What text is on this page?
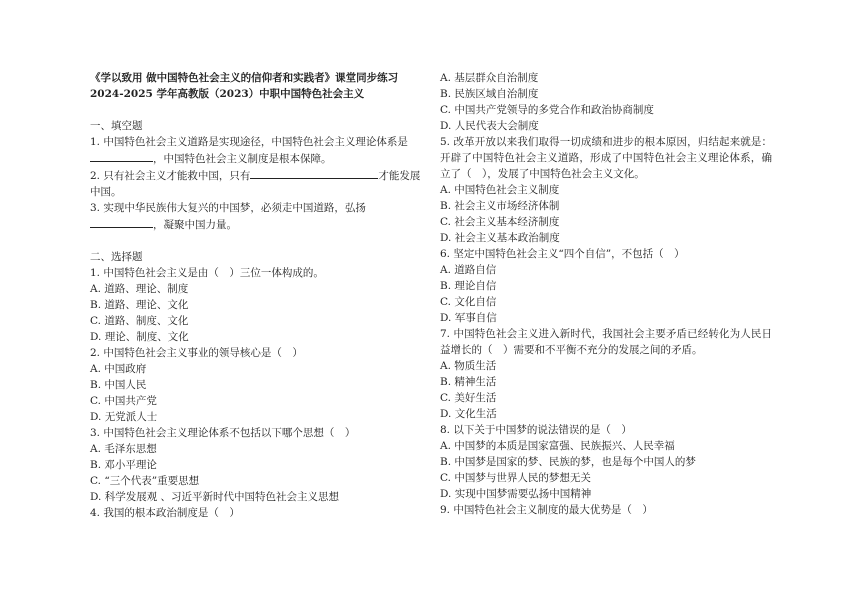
《学以致用 做中国特色社会主义的信仰者和实践者》课堂同步练习
2024-2025 学年高教版（2023）中职中国特色社会主义
一、填空题
1. 中国特色社会主义道路是实现途径，中国特色社会主义理论体系是
，中国特色社会主义制度是根本保障。
2. 只有社会主义才能救中国，只有	才能发展
中国。
3. 实现中华民族伟大复兴的中国梦，必须走中国道路，弘扬
，凝聚中国力量。
二、选择题
1. 中国特色社会主义是由（　）三位一体构成的。
A. 道路、理论、制度
B. 道路、理论、文化
C. 道路、制度、文化
D. 理论、制度、文化
2. 中国特色社会主义事业的领导核心是（　）
A. 中国政府
B. 中国人民
C. 中国共产党
D. 无党派人士
3. 中国特色社会主义理论体系不包括以下哪个思想（　）
A. 毛泽东思想
B. 邓小平理论
C. “三个代表”重要思想
D. 科学发展观 、习近平新时代中国特色社会主义思想
4. 我国的根本政治制度是（　）
A. 基层群众自治制度
B. 民族区域自治制度
C. 中国共产党领导的多党合作和政治协商制度
D. 人民代表大会制度
5. 改革开放以来我们取得一切成绩和进步的根本原因，归结起来就是：开辟了中国特色社会主义道路，形成了中国特色社会主义理论体系，确立了（　），发展了中国特色社会主义文化。
A. 中国特色社会主义制度
B. 社会主义市场经济体制
C. 社会主义基本经济制度
D. 社会主义基本政治制度
6. 坚定中国特色社会主义“四个自信”，不包括（　）
A. 道路自信
B. 理论自信
C. 文化自信
D. 军事自信
7. 中国特色社会主义进入新时代，我国社会主要矛盾已经转化为人民日益增长的（　）需要和不平衡不充分的发展之间的矛盾。
A. 物质生活
B. 精神生活
C. 美好生活
D. 文化生活
8. 以下关于中国梦的说法错误的是（　）
A. 中国梦的本质是国家富强、民族振兴、人民幸福
B. 中国梦是国家的梦、民族的梦，也是每个中国人的梦
C. 中国梦与世界人民的梦想无关
D. 实现中国梦需要弘扬中国精神
9. 中国特色社会主义制度的最大优势是（　）
